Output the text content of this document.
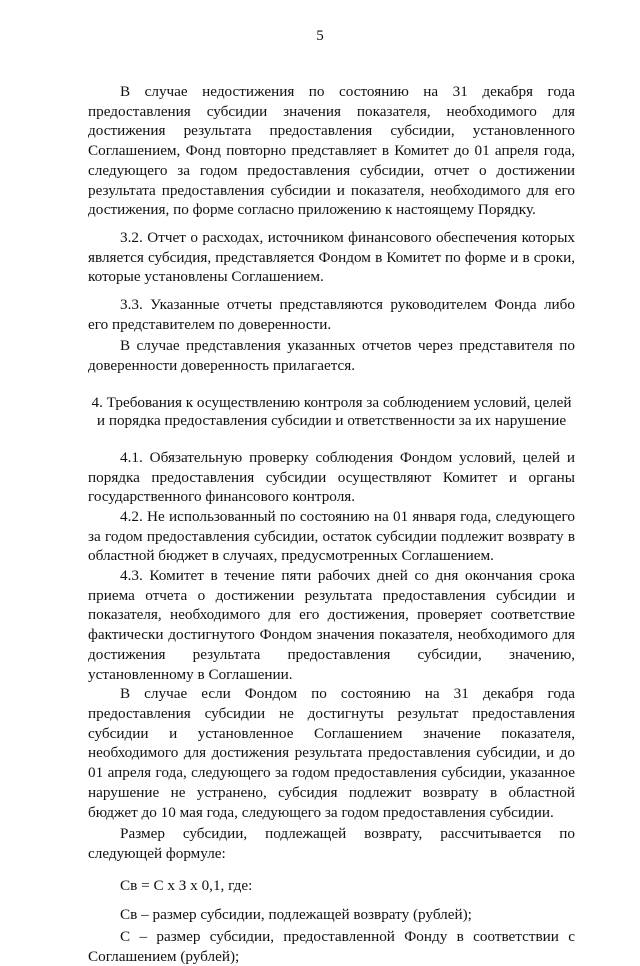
5

В случае недостижения по состоянию на 31 декабря года предоставления субсидии значения показателя, необходимого для достижения результата предоставления субсидии, установленного Соглашением, Фонд повторно представляет в Комитет до 01 апреля года, следующего за годом предоставления субсидии, отчет о достижении результата предоставления субсидии и показателя, необходимого для его достижения, по форме согласно приложению к настоящему Порядку.

3.2. Отчет о расходах, источником финансового обеспечения которых является субсидия, представляется Фондом в Комитет по форме и в сроки, которые установлены Соглашением.

3.3. Указанные отчеты представляются руководителем Фонда либо его представителем по доверенности.

В случае представления указанных отчетов через представителя по доверенности доверенность прилагается.

4. Требования к осуществлению контроля за соблюдением условий, целей
и порядка предоставления субсидии и ответственности за их нарушение

4.1. Обязательную проверку соблюдения Фондом условий, целей и порядка предоставления субсидии осуществляют Комитет и органы государственного финансового контроля.

4.2. Не использованный по состоянию на 01 января года, следующего за годом предоставления субсидии, остаток субсидии подлежит возврату в областной бюджет в случаях, предусмотренных Соглашением.

4.3. Комитет в течение пяти рабочих дней со дня окончания срока приема отчета о достижении результата предоставления субсидии и показателя, необходимого для его достижения, проверяет соответствие фактически достигнутого Фондом значения показателя, необходимого для достижения результата предоставления субсидии, значению, установленному в Соглашении.

В случае если Фондом по состоянию на 31 декабря года предоставления субсидии не достигнуты результат предоставления субсидии и установленное Соглашением значение показателя, необходимого для достижения результата предоставления субсидии, и до 01 апреля года, следующего за годом предоставления субсидии, указанное нарушение не устранено, субсидия подлежит возврату в областной бюджет до 10 мая года, следующего за годом предоставления субсидии.

Размер субсидии, подлежащей возврату, рассчитывается по следующей формуле:

Св = С х З х 0,1, где:

Св – размер субсидии, подлежащей возврату (рублей);

С – размер субсидии, предоставленной Фонду в соответствии с Соглашением (рублей);
